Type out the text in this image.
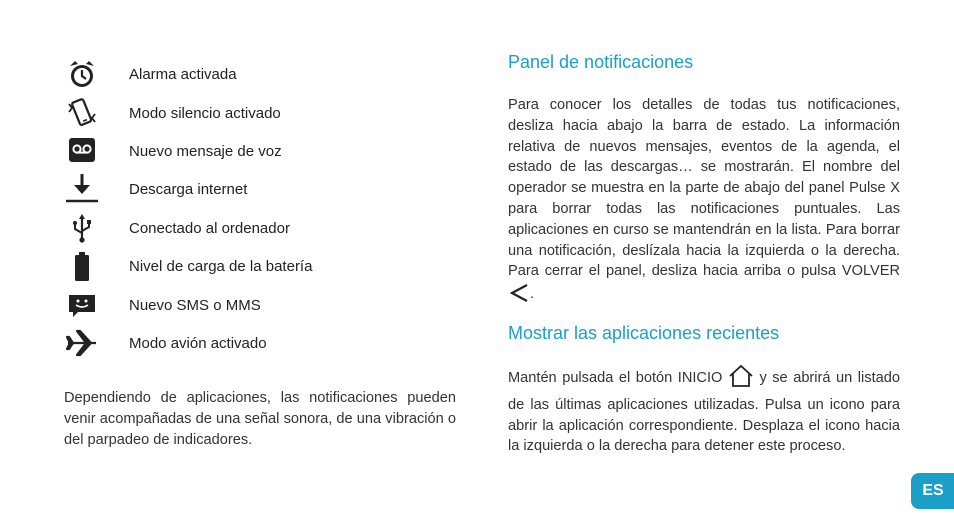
Alarma activada
Modo silencio activado
Nuevo mensaje de voz
Descarga internet
Conectado al ordenador
Nivel de carga de la batería
Nuevo SMS o MMS
Modo avión activado

Dependiendo de aplicaciones, las notificaciones pueden venir acompañadas de una señal sonora, de una vibración o del parpadeo de indicadores.

Panel de notificaciones

Para conocer los detalles de todas tus notificaciones, desliza hacia abajo la barra de estado. La información relativa de nuevos mensajes, eventos de la agenda, el estado de las descargas… se mostrarán. El nombre del operador se muestra en la parte de abajo del panel Pulse X para borrar todas las notificaciones puntuales. Las aplicaciones en curso se mantendrán en la lista. Para borrar una notificación, deslízala hacia la izquierda o la derecha. Para cerrar el panel, desliza hacia arriba o pulsa VOLVER .

Mostrar las aplicaciones recientes

Mantén pulsada el botón INICIO	y se abrirá un listado de las últimas aplicaciones utilizadas. Pulsa un icono para abrir la aplicación correspondiente. Desplaza el icono hacia la izquierda o la derecha para detener este proceso.

ES
